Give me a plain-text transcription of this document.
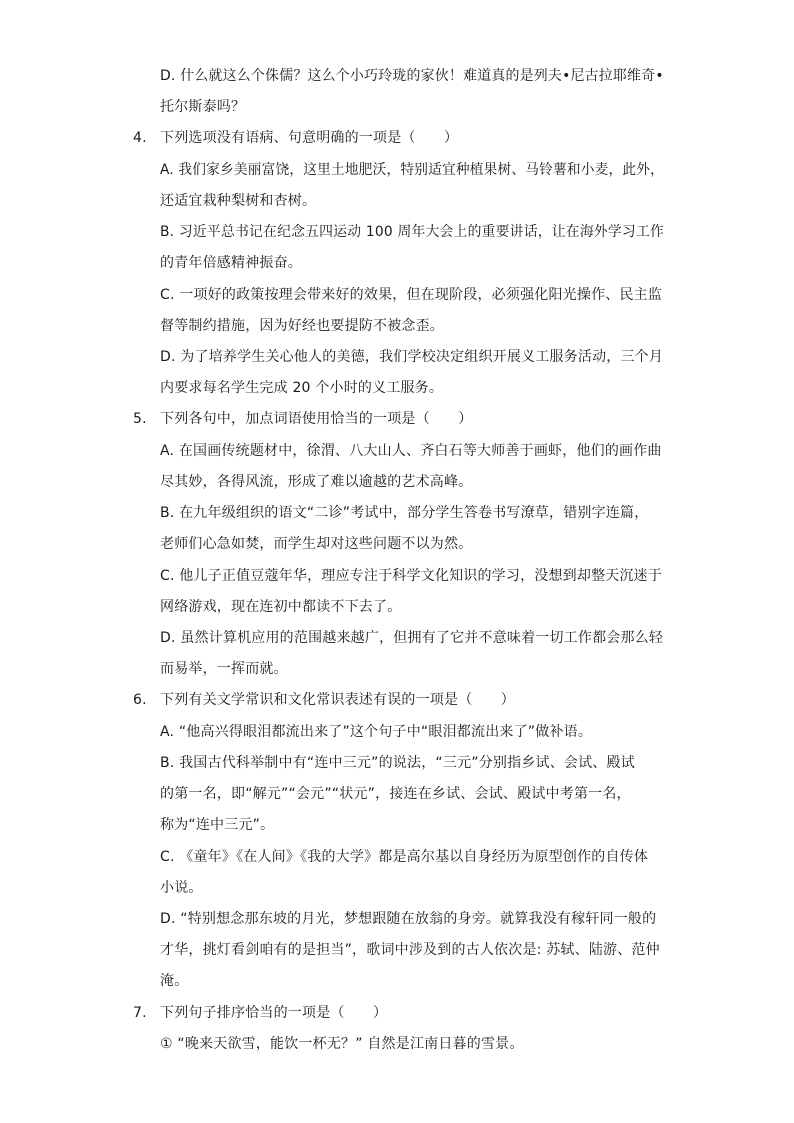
D. 什么就这么个侏儒？这么个小巧玲珑的家伙！难道真的是列夫•尼古拉耶维奇•
托尔斯泰吗？
4. 下列选项没有语病、句意明确的一项是（　　）
A. 我们家乡美丽富饶，这里土地肥沃，特别适宜种植果树、马铃薯和小麦，此外，
还适宜栽种梨树和杏树。
B. 习近平总书记在纪念五四运动 100 周年大会上的重要讲话，让在海外学习工作
的青年倍感精神振奋。
C. 一项好的政策按理会带来好的效果，但在现阶段，必须强化阳光操作、民主监
督等制约措施，因为好经也要提防不被念歪。
D. 为了培养学生关心他人的美德，我们学校决定组织开展义工服务活动，三个月
内要求每名学生完成 20 个小时的义工服务。
5. 下列各句中，加点词语使用恰当的一项是（　　）
A. 在国画传统题材中，徐渭、八大山人、齐白石等大师善于画虾，他们的画作曲
尽其妙，各得风流，形成了难以逾越的艺术高峰。
B. 在九年级组织的语文“二诊”考试中，部分学生答卷书写潦草，错别字连篇，
老师们心急如焚，而学生却对这些问题不以为然。
C. 他儿子正值豆蔻年华，理应专注于科学文化知识的学习，没想到却整天沉迷于
网络游戏，现在连初中都读不下去了。
D. 虽然计算机应用的范围越来越广，但拥有了它并不意味着一切工作都会那么轻
而易举，一挥而就。
6. 下列有关文学常识和文化常识表述有误的一项是（　　）
A. “他高兴得眼泪都流出来了”这个句子中“眼泪都流出来了”做补语。
B. 我国古代科举制中有“连中三元”的说法，“三元”分别指乡试、会试、殿试
的第一名，即“解元”“会元”“状元”，接连在乡试、会试、殿试中考第一名，
称为“连中三元”。
C. 《童年》《在人间》《我的大学》都是高尔基以自身经历为原型创作的自传体
小说。
D. “特别想念那东坡的月光，梦想跟随在放翁的身旁。就算我没有稼轩同一般的
才华，挑灯看剑咱有的是担当”，歌词中涉及到的古人依次是: 苏轼、陆游、范仲
淹。
7. 下列句子排序恰当的一项是（　　）
① “晚来天欲雪，能饮一杯无？” 自然是江南日暮的雪景。
